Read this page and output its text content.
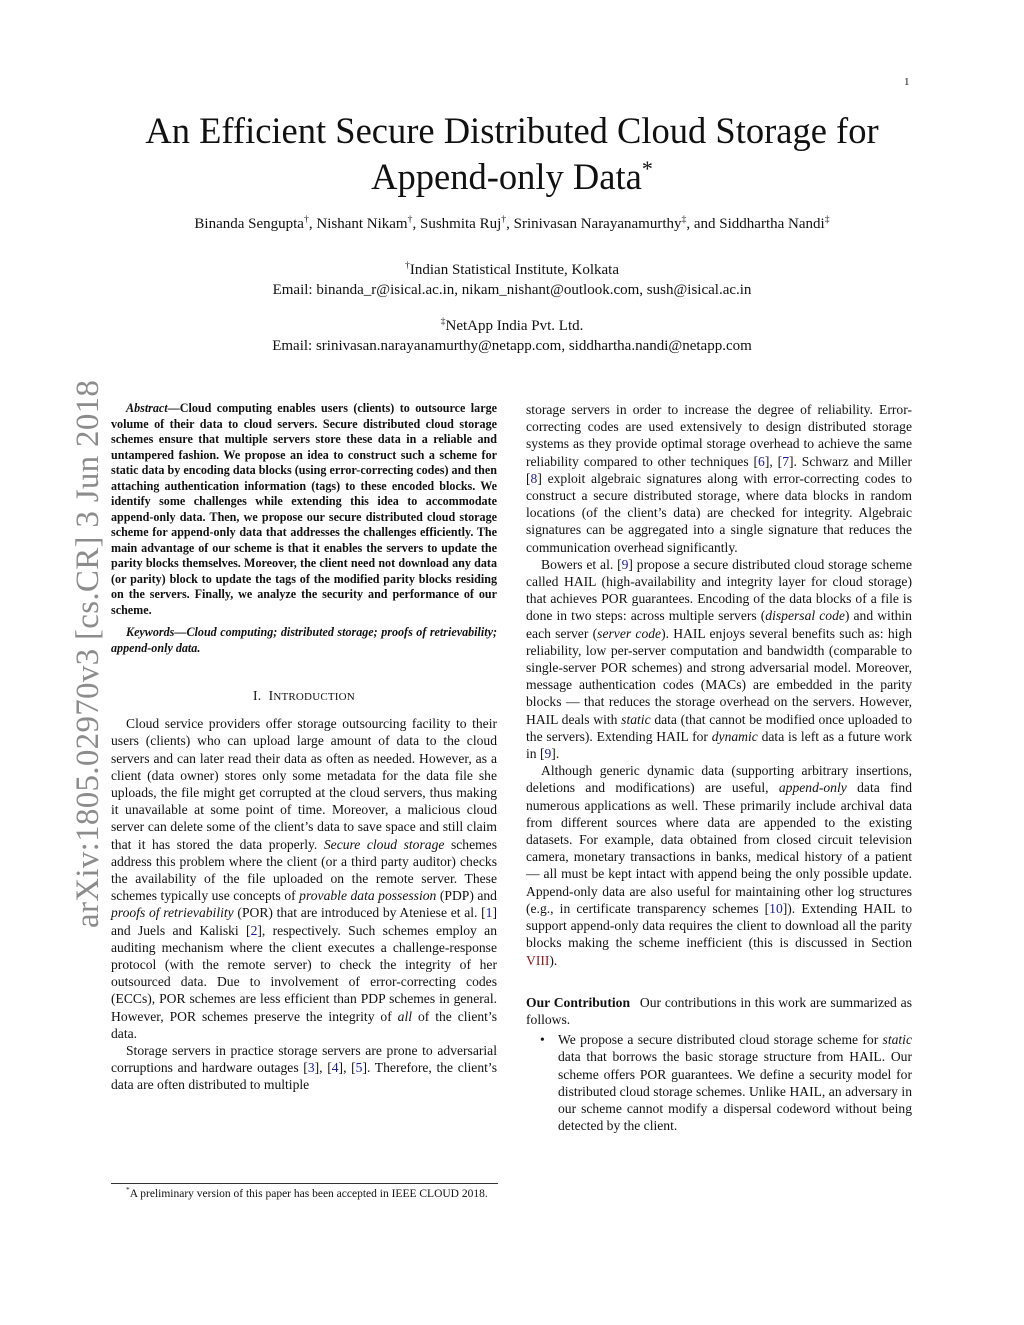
1
arXiv:1805.02970v3 [cs.CR] 3 Jun 2018
An Efficient Secure Distributed Cloud Storage for
Append-only Data*
Binanda Sengupta†, Nishant Nikam†, Sushmita Ruj†, Srinivasan Narayanamurthy‡, and Siddhartha Nandi‡
†Indian Statistical Institute, Kolkata
Email: binanda_r@isical.ac.in, nikam_nishant@outlook.com, sush@isical.ac.in
‡NetApp India Pvt. Ltd.
Email: srinivasan.narayanamurthy@netapp.com, siddhartha.nandi@netapp.com

Abstract—Cloud computing enables users (clients) to outsource large volume of their data to cloud servers. Secure distributed cloud storage schemes ensure that multiple servers store these data in a reliable and untampered fashion. We propose an idea to construct such a scheme for static data by encoding data blocks (using error-correcting codes) and then attaching authentication information (tags) to these encoded blocks. We identify some challenges while extending this idea to accommodate append-only data. Then, we propose our secure distributed cloud storage scheme for append-only data that addresses the challenges efficiently. The main advantage of our scheme is that it enables the servers to update the parity blocks themselves. Moreover, the client need not download any data (or parity) block to update the tags of the modified parity blocks residing on the servers. Finally, we analyze the security and performance of our scheme.

Keywords—Cloud computing; distributed storage; proofs of retrievability; append-only data.

I. INTRODUCTION

Cloud service providers offer storage outsourcing facility to their users (clients) who can upload large amount of data to the cloud servers and can later read their data as often as needed. However, as a client (data owner) stores only some metadata for the data file she uploads, the file might get corrupted at the cloud servers, thus making it unavailable at some point of time. Moreover, a malicious cloud server can delete some of the client’s data to save space and still claim that it has stored the data properly. Secure cloud storage schemes address this problem where the client (or a third party auditor) checks the availability of the file uploaded on the remote server. These schemes typically use concepts of provable data possession (PDP) and proofs of retrievability (POR) that are introduced by Ateniese et al. [1] and Juels and Kaliski [2], respectively. Such schemes employ an auditing mechanism where the client executes a challenge-response protocol (with the remote server) to check the integrity of her outsourced data. Due to involvement of error-correcting codes (ECCs), POR schemes are less efficient than PDP schemes in general. However, POR schemes preserve the integrity of all of the client’s data.

Storage servers in practice storage servers are prone to adversarial corruptions and hardware outages [3], [4], [5]. Therefore, the client’s data are often distributed to multiple

*A preliminary version of this paper has been accepted in IEEE CLOUD 2018.

storage servers in order to increase the degree of reliability. Error-correcting codes are used extensively to design distributed storage systems as they provide optimal storage overhead to achieve the same reliability compared to other techniques [6], [7]. Schwarz and Miller [8] exploit algebraic signatures along with error-correcting codes to construct a secure distributed storage, where data blocks in random locations (of the client’s data) are checked for integrity. Algebraic signatures can be aggregated into a single signature that reduces the communication overhead significantly.

Bowers et al. [9] propose a secure distributed cloud storage scheme called HAIL (high-availability and integrity layer for cloud storage) that achieves POR guarantees. Encoding of the data blocks of a file is done in two steps: across multiple servers (dispersal code) and within each server (server code). HAIL enjoys several benefits such as: high reliability, low per-server computation and bandwidth (comparable to single-server POR schemes) and strong adversarial model. Moreover, message authentication codes (MACs) are embedded in the parity blocks — that reduces the storage overhead on the servers. However, HAIL deals with static data (that cannot be modified once uploaded to the servers). Extending HAIL for dynamic data is left as a future work in [9].

Although generic dynamic data (supporting arbitrary insertions, deletions and modifications) are useful, append-only data find numerous applications as well. These primarily include archival data from different sources where data are appended to the existing datasets. For example, data obtained from closed circuit television camera, monetary transactions in banks, medical history of a patient — all must be kept intact with append being the only possible update. Append-only data are also useful for maintaining other log structures (e.g., in certificate transparency schemes [10]). Extending HAIL to support append-only data requires the client to download all the parity blocks making the scheme inefficient (this is discussed in Section VIII).

Our Contribution Our contributions in this work are summarized as follows.

• We propose a secure distributed cloud storage scheme for static data that borrows the basic storage structure from HAIL. Our scheme offers POR guarantees. We define a security model for distributed cloud storage schemes. Unlike HAIL, an adversary in our scheme cannot modify a dispersal codeword without being detected by the client.
